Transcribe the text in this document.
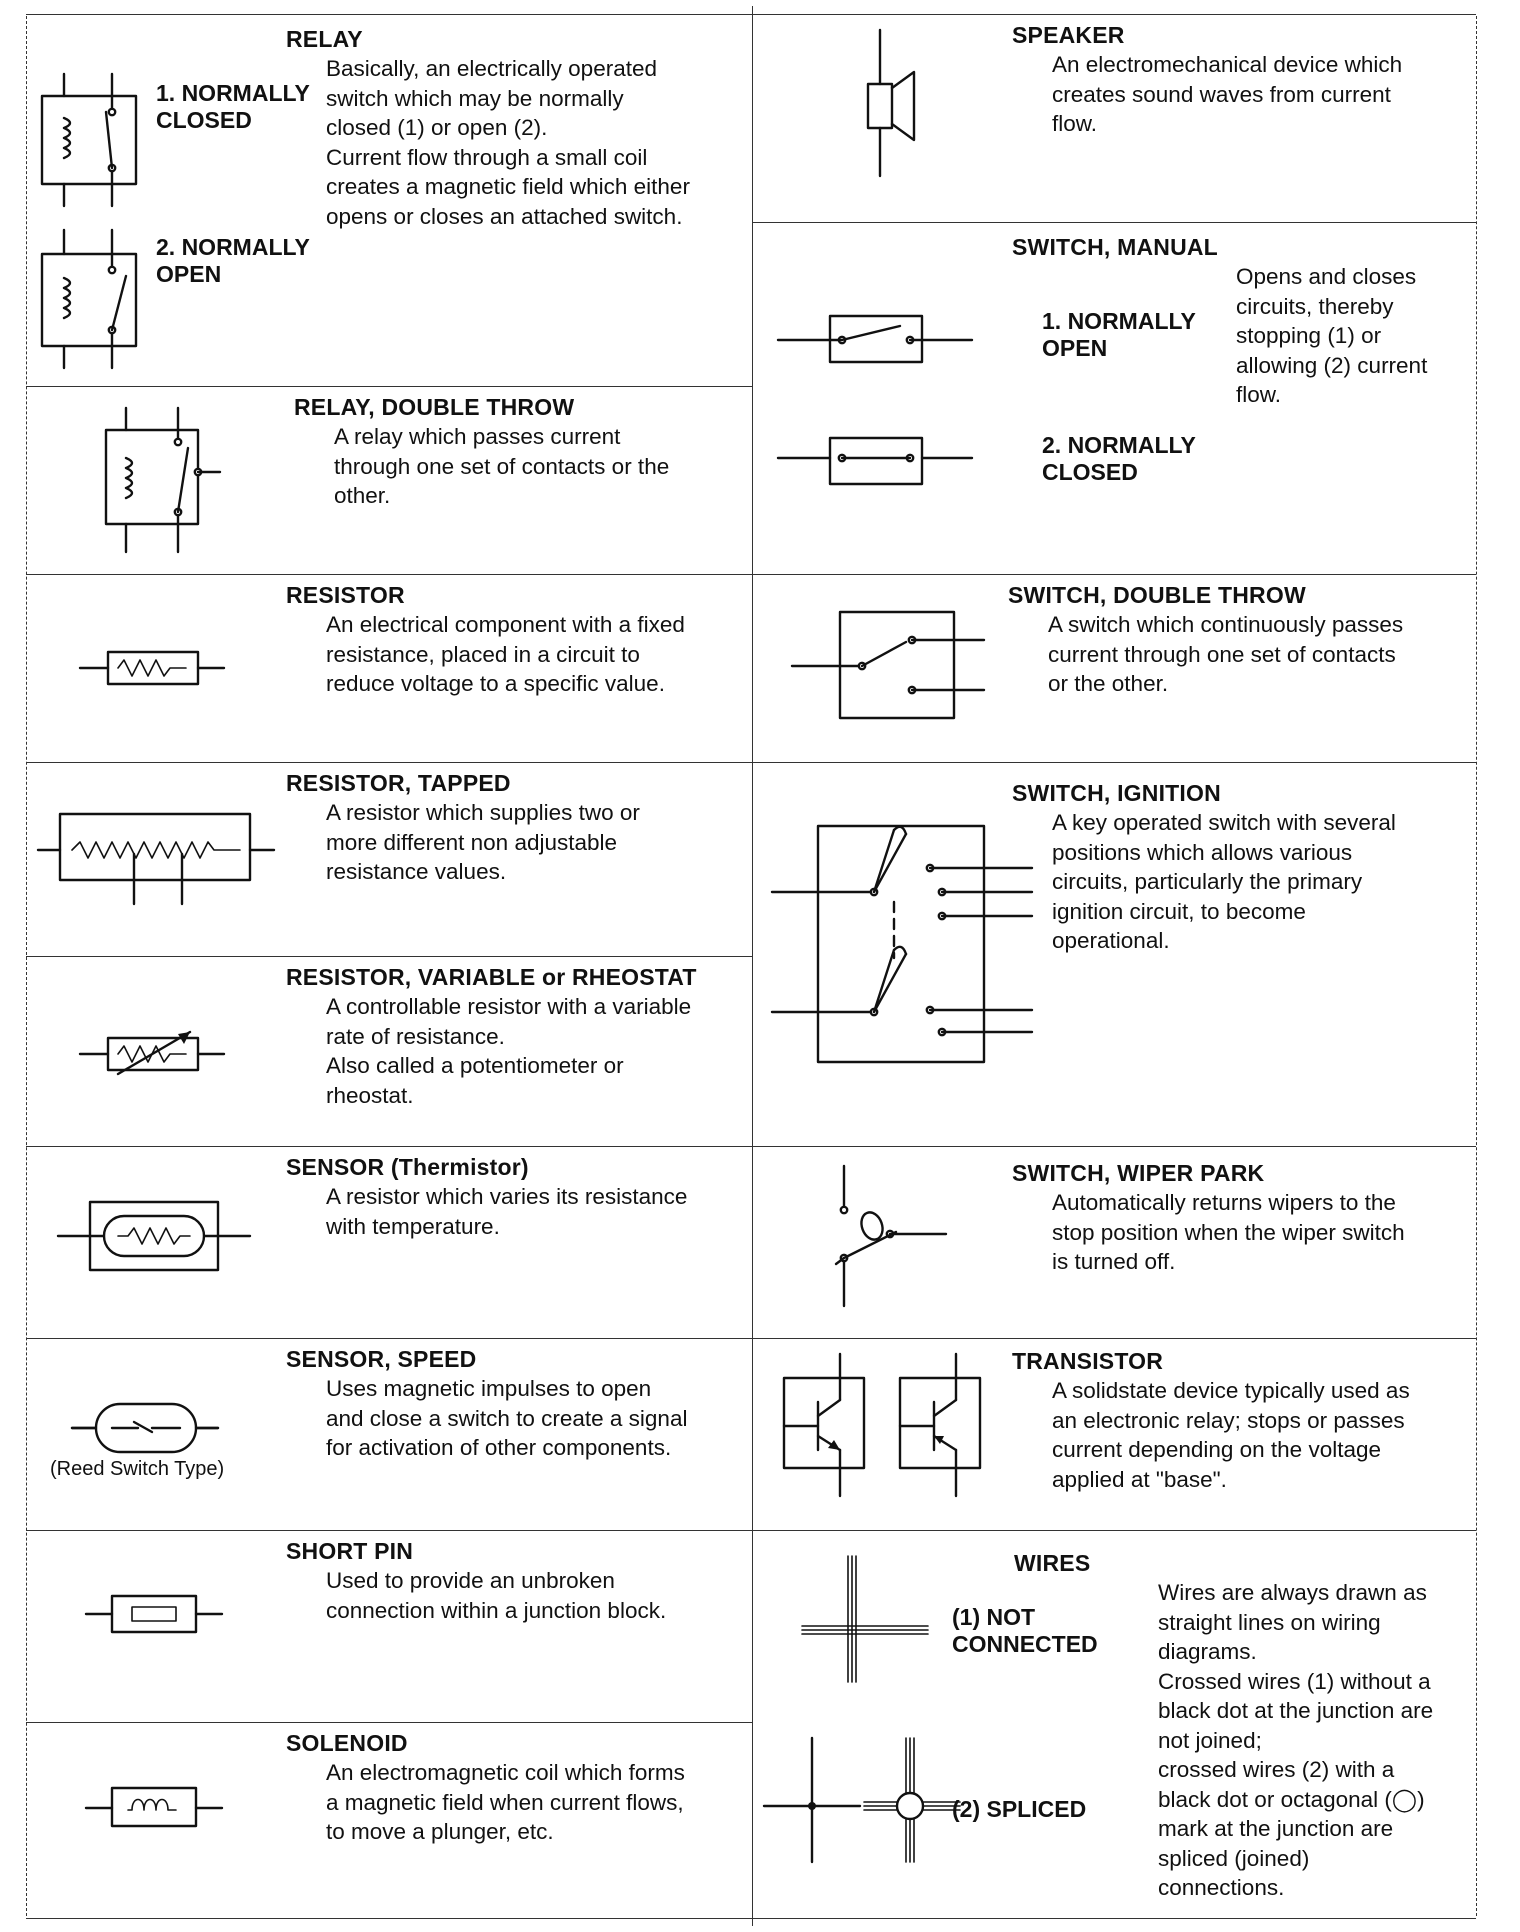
RELAY
Basically, an electrically operated
switch which may be normally
closed (1) or open (2).
Current flow through a small coil
creates a magnetic field which either
opens or closes an attached switch.
1. NORMALLY
CLOSED
2. NORMALLY
OPEN
RELAY, DOUBLE THROW
A relay which passes current
through one set of contacts or the
other.
RESISTOR
An electrical component with a fixed
resistance, placed in a circuit to
reduce voltage to a specific value.
RESISTOR, TAPPED
A resistor which supplies two or
more different non adjustable
resistance values.
RESISTOR, VARIABLE or RHEOSTAT
A controllable resistor with a variable
rate of resistance.
Also called a potentiometer or
rheostat.
SENSOR (Thermistor)
A resistor which varies its resistance
with temperature.
SENSOR, SPEED
Uses magnetic impulses to open
and close a switch to create a signal
for activation of other components.
(Reed Switch Type)
SHORT PIN
Used to provide an unbroken
connection within a junction block.
SOLENOID
An electromagnetic coil which forms
a magnetic field when current flows,
to move a plunger, etc.
SPEAKER
An electromechanical device which
creates sound waves from current
flow.
SWITCH, MANUAL
Opens and closes
circuits, thereby
stopping (1) or
allowing (2) current
flow.
1. NORMALLY
OPEN
2. NORMALLY
CLOSED
SWITCH, DOUBLE THROW
A switch which continuously passes
current through one set of contacts
or the other.
SWITCH, IGNITION
A key operated switch with several
positions which allows various
circuits, particularly the primary
ignition circuit, to become
operational.
SWITCH, WIPER PARK
Automatically returns wipers to the
stop position when the wiper switch
is turned off.
TRANSISTOR
A solidstate device typically used as
an electronic relay; stops or passes
current depending on the voltage
applied at "base".
WIRES
Wires are always drawn as
straight lines on wiring
diagrams.
Crossed wires (1) without a
black dot at the junction are
not joined;
crossed wires (2) with a
black dot or octagonal (◯)
mark at the junction are
spliced (joined)
connections.
(1) NOT
CONNECTED
(2) SPLICED
